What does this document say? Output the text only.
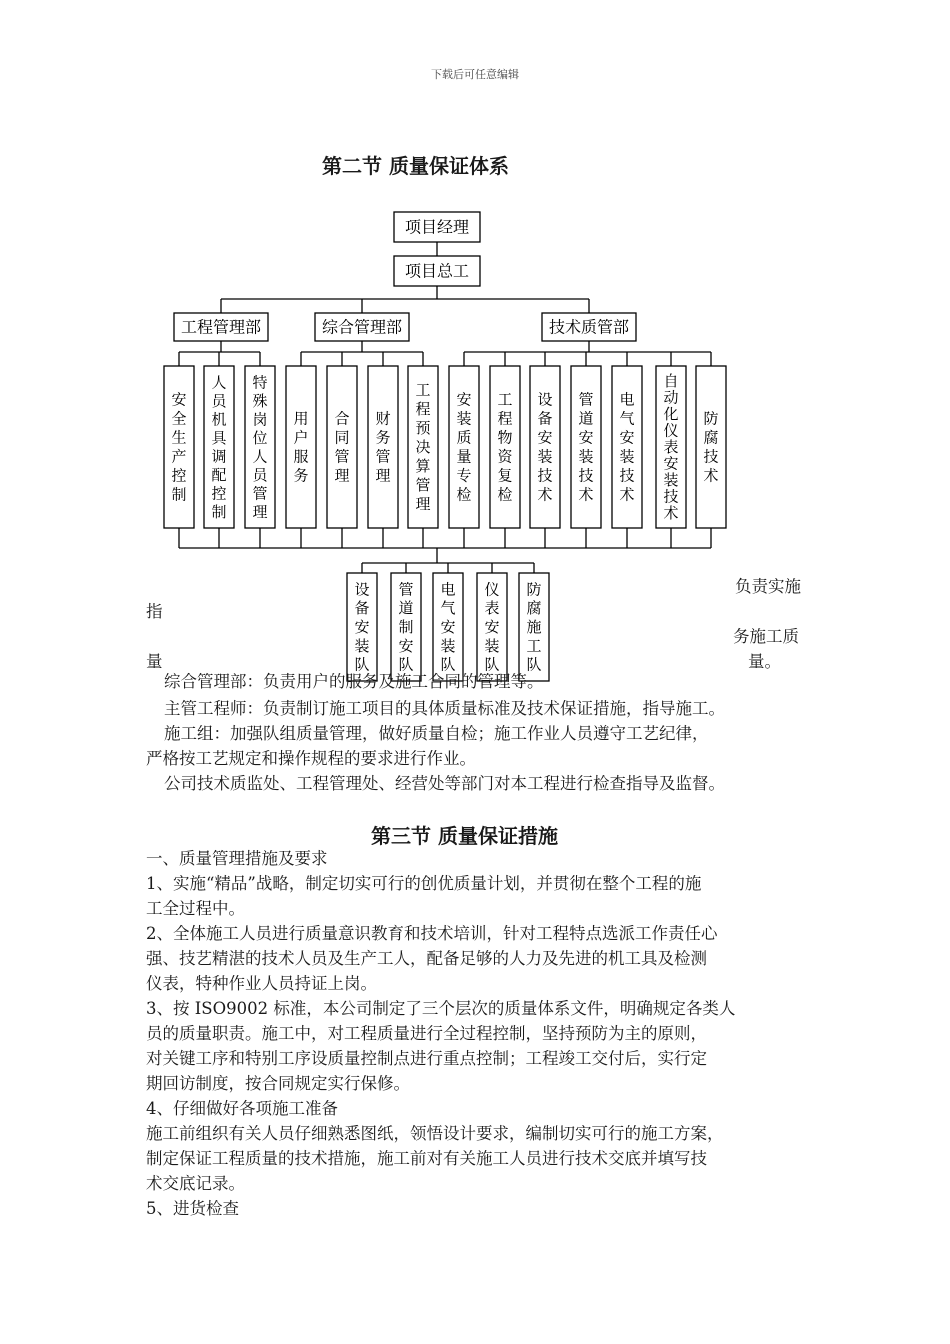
下载后可任意编辑
第二节 质量保证体系
项目经理
项目总工
工程管理部	综合管理部	技术质管部
安全生产控制
人员机具调配控制
特殊岗位人员管理
用户服务
合同管理
财务管理
工程预决算管理
安装质量专检
工程物资复检
设备安装技术
管道安装技术
电气安装技术
自动化仪表安装技术
防腐技术
设备安装队
管道制安队
电气安装队
仪表安装队
防腐施工队
指
量
负责实施
务施工质
量。
综合管理部：负责用户的服务及施工合同的管理等。

主管工程师：负责制订施工项目的具体质量标准及技术保证措施，指导施工。

施工组：加强队组质量管理，做好质量自检；施工作业人员遵守工艺纪律，

严格按工艺规定和操作规程的要求进行作业。

公司技术质监处、工程管理处、经营处等部门对本工程进行检查指导及监督。

第三节 质量保证措施

一、质量管理措施及要求

1、实施“精品”战略，制定切实可行的创优质量计划，并贯彻在整个工程的施

工全过程中。

2、全体施工人员进行质量意识教育和技术培训，针对工程特点选派工作责任心

强、技艺精湛的技术人员及生产工人，配备足够的人力及先进的机工具及检测

仪表，特种作业人员持证上岗。

3、按 ISO9002 标准，本公司制定了三个层次的质量体系文件，明确规定各类人

员的质量职责。施工中，对工程质量进行全过程控制，坚持预防为主的原则，

对关键工序和特别工序设质量控制点进行重点控制；工程竣工交付后，实行定

期回访制度，按合同规定实行保修。

4、仔细做好各项施工准备

施工前组织有关人员仔细熟悉图纸，领悟设计要求，编制切实可行的施工方案，

制定保证工程质量的技术措施，施工前对有关施工人员进行技术交底并填写技

术交底记录。

5、进货检查
